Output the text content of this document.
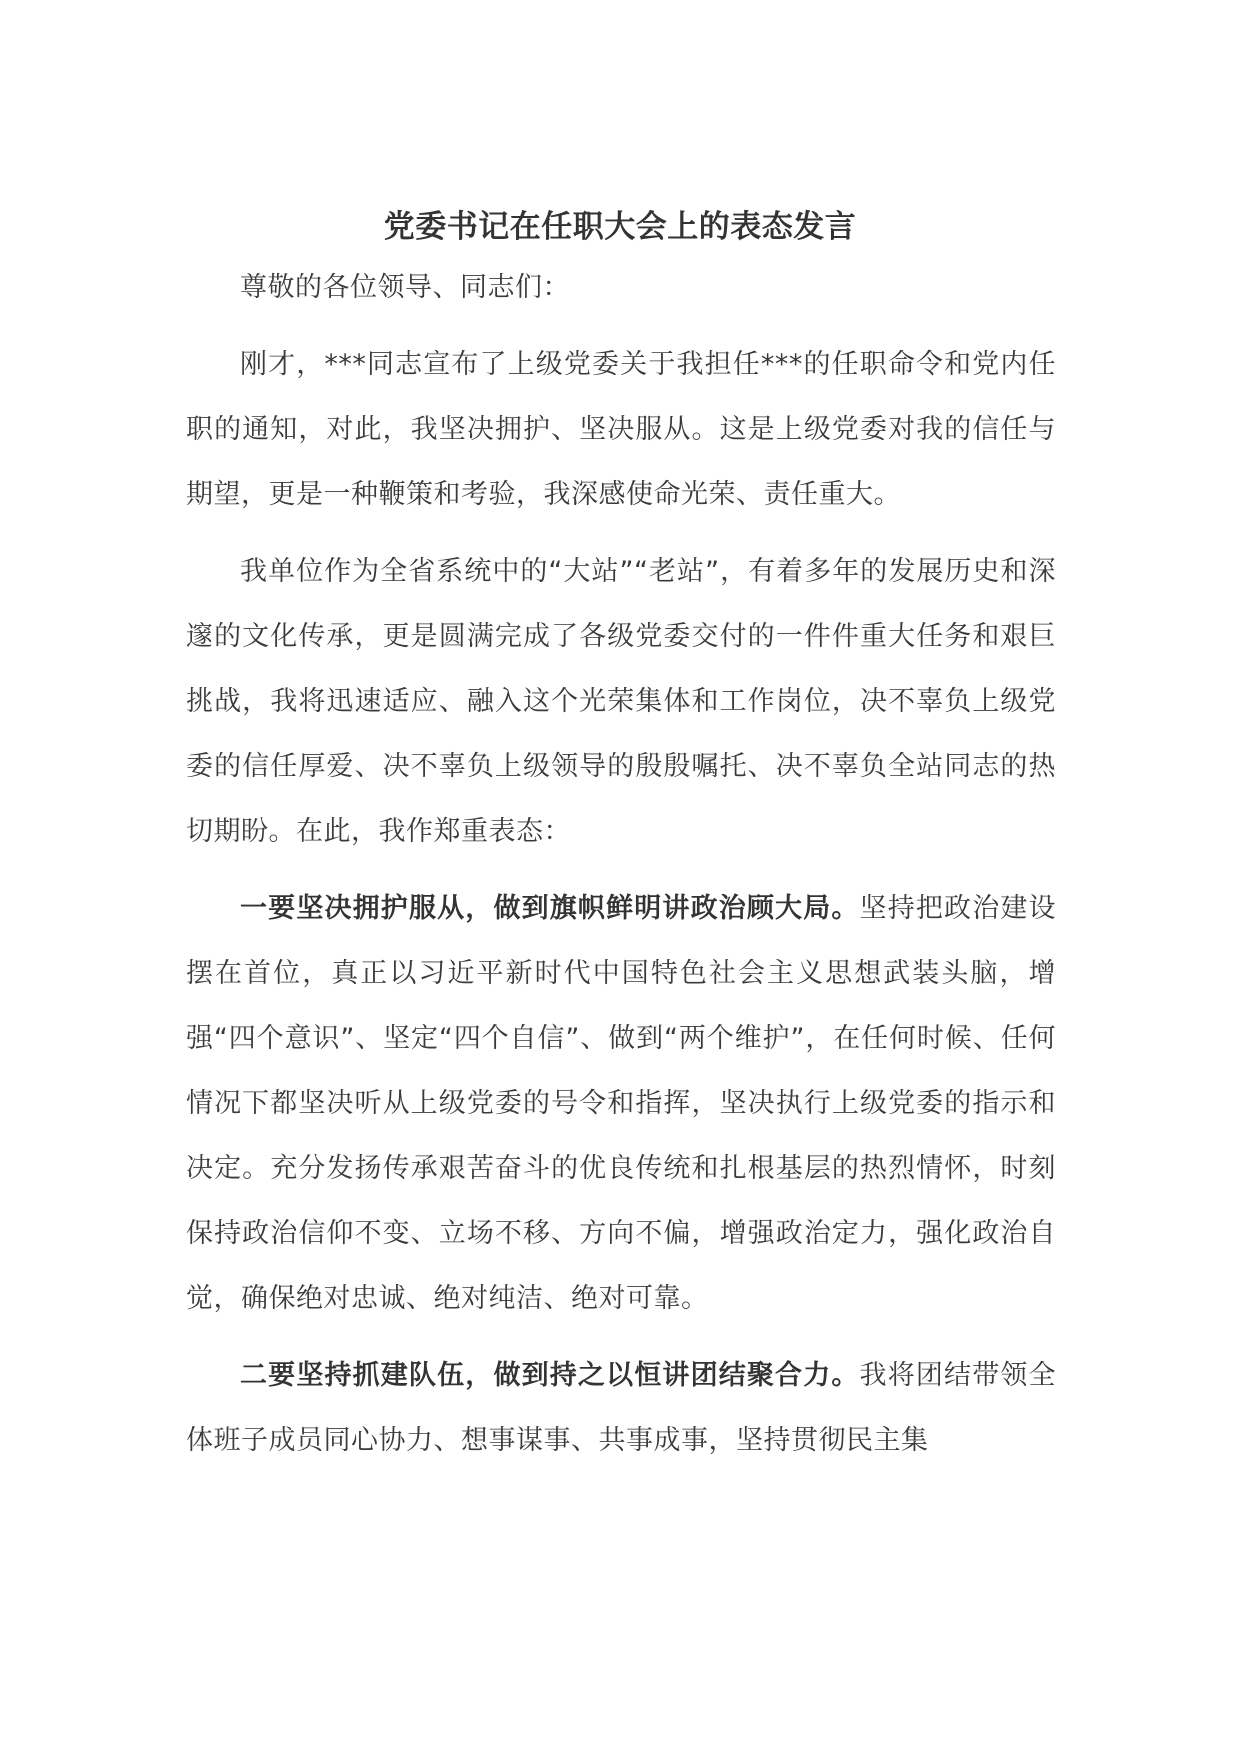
党委书记在任职大会上的表态发言

尊敬的各位领导、同志们：

刚才，***同志宣布了上级党委关于我担任***的任职命令和党内任职的通知，对此，我坚决拥护、坚决服从。这是上级党委对我的信任与期望，更是一种鞭策和考验，我深感使命光荣、责任重大。

我单位作为全省系统中的“大站”“老站”，有着多年的发展历史和深邃的文化传承，更是圆满完成了各级党委交付的一件件重大任务和艰巨挑战，我将迅速适应、融入这个光荣集体和工作岗位，决不辜负上级党委的信任厚爱、决不辜负上级领导的殷殷嘱托、决不辜负全站同志的热切期盼。在此，我作郑重表态：

一要坚决拥护服从，做到旗帜鲜明讲政治顾大局。坚持把政治建设摆在首位，真正以习近平新时代中国特色社会主义思想武装头脑，增强“四个意识”、坚定“四个自信”、做到“两个维护”，在任何时候、任何情况下都坚决听从上级党委的号令和指挥，坚决执行上级党委的指示和决定。充分发扬传承艰苦奋斗的优良传统和扎根基层的热烈情怀，时刻保持政治信仰不变、立场不移、方向不偏，增强政治定力，强化政治自觉，确保绝对忠诚、绝对纯洁、绝对可靠。

二要坚持抓建队伍，做到持之以恒讲团结聚合力。我将团结带领全体班子成员同心协力、想事谋事、共事成事，坚持贯彻民主集
